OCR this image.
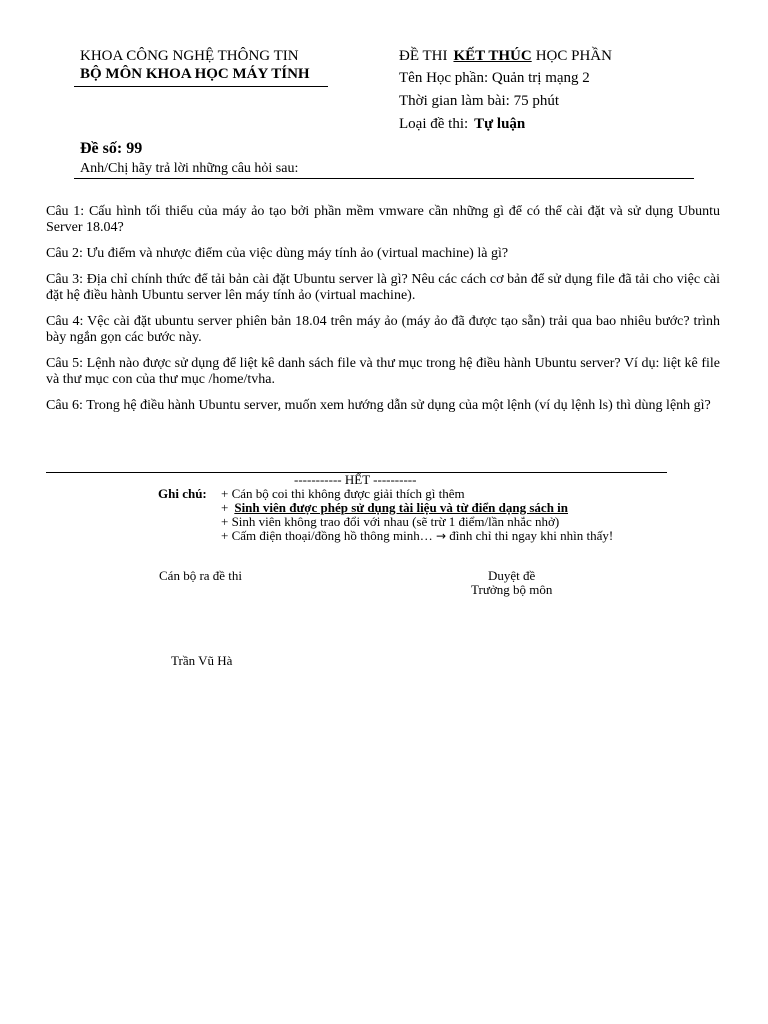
KHOA CÔNG NGHỆ THÔNG TIN
BỘ MÔN KHOA HỌC MÁY TÍNH
ĐỀ THI KẾT THÚC HỌC PHẦN
Tên Học phần: Quản trị mạng 2
Thời gian làm bài: 75 phút
Loại đề thi: Tự luận
Đề số: 99
Anh/Chị hãy trả lời những câu hỏi sau:

Câu 1: Cấu hình tối thiểu của máy ảo tạo bởi phần mềm vmware cần những gì để có thể cài đặt và sử dụng Ubuntu Server 18.04?

Câu 2: Ưu điểm và nhược điểm của việc dùng máy tính ảo (virtual machine) là gì?

Câu 3: Địa chỉ chính thức để tải bản cài đặt Ubuntu server là gì? Nêu các cách cơ bản để sử dụng file đã tải cho việc cài đặt hệ điều hành Ubuntu server lên máy tính ảo (virtual machine).

Câu 4: Vệc cài đặt ubuntu server phiên bản 18.04 trên máy ảo (máy ảo đã được tạo sẵn) trải qua bao nhiêu bước? trình bày ngắn gọn các bước này.

Câu 5: Lệnh nào được sử dụng để liệt kê danh sách file và thư mục trong hệ điều hành Ubuntu server? Ví dụ: liệt kê file và thư mục con của thư mục /home/tvha.

Câu 6: Trong hệ điều hành Ubuntu server, muốn xem hướng dẫn sử dụng của một lệnh (ví dụ lệnh ls) thì dùng lệnh gì?

----------- HẾT ----------
Ghi chú: + Cán bộ coi thi không được giải thích gì thêm
+ Sinh viên được phép sử dụng tài liệu và từ điển dạng sách in
+ Sinh viên không trao đổi với nhau (sẽ trừ 1 điểm/lần nhắc nhở)
+ Cấm điện thoại/đồng hồ thông minh… → đình chỉ thi ngay khi nhìn thấy!
Cán bộ ra đề thi	Duyệt đề
Trưởng bộ môn
Trần Vũ Hà
